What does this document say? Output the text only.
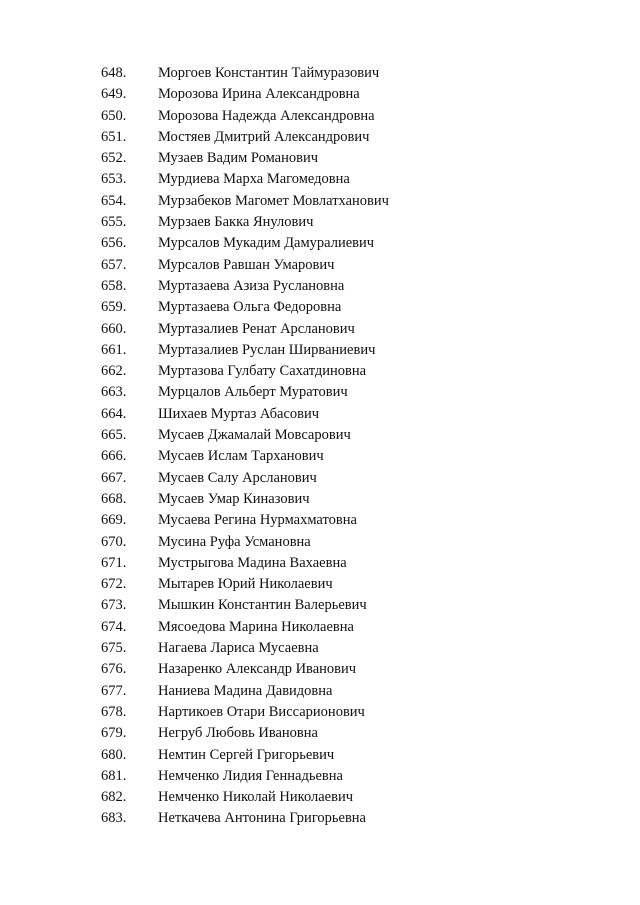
648. Моргоев Константин Таймуразович
649. Морозова Ирина Александровна
650. Морозова Надежда Александровна
651. Мостяев Дмитрий Александрович
652. Музаев Вадим Романович
653. Мурдиева Марха Магомедовна
654. Мурзабеков Магомет Мовлатханович
655. Мурзаев Бакка Янулович
656. Мурсалов Мукадим Дамуралиевич
657. Мурсалов Равшан Умарович
658. Муртазаева Азиза Руслановна
659. Муртазаева Ольга Федоровна
660. Муртазалиев Ренат Арсланович
661. Муртазалиев Руслан Ширваниевич
662. Муртазова Гулбату Сахатдиновна
663. Мурцалов Альберт Муратович
664. Шихаев Муртаз Абасович
665. Мусаев Джамалай Мовсарович
666. Мусаев Ислам Тарханович
667. Мусаев Салу Арсланович
668. Мусаев Умар Киназович
669. Мусаева Регина Нурмахматовна
670. Мусина Руфа Усмановна
671. Мустрыгова Мадина Вахаевна
672. Мытарев Юрий Николаевич
673. Мышкин Константин Валерьевич
674. Мясоедова Марина Николаевна
675. Нагаева Лариса Мусаевна
676. Назаренко Александр Иванович
677. Наниева Мадина Давидовна
678. Нартикоев Отари Виссарионович
679. Негруб Любовь Ивановна
680. Немтин Сергей Григорьевич
681. Немченко Лидия Геннадьевна
682. Немченко Николай Николаевич
683. Неткачева Антонина Григорьевна
